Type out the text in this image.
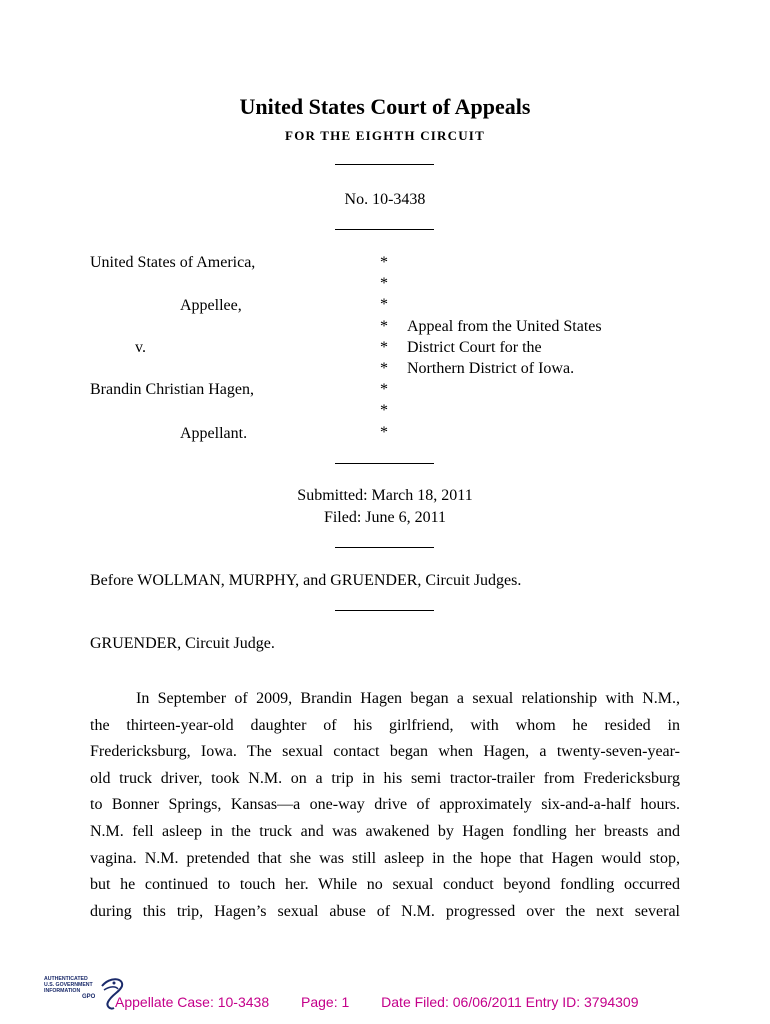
United States Court of Appeals
FOR THE EIGHTH CIRCUIT
No. 10-3438
United States of America,
Appellee,
v.
Brandin Christian Hagen,
Appellant.
*
*
*
*
*
*
*
*
*
Appeal from the United States
District Court for the
Northern District of Iowa.
Submitted: March 18, 2011
Filed: June 6, 2011
Before WOLLMAN, MURPHY, and GRUENDER, Circuit Judges.
GRUENDER, Circuit Judge.
In September of 2009, Brandin Hagen began a sexual relationship with N.M.,
the thirteen-year-old daughter of his girlfriend, with whom he resided in
Fredericksburg, Iowa. The sexual contact began when Hagen, a twenty-seven-year-
old truck driver, took N.M. on a trip in his semi tractor-trailer from Fredericksburg
to Bonner Springs, Kansas—a one-way drive of approximately six-and-a-half hours.
N.M. fell asleep in the truck and was awakened by Hagen fondling her breasts and
vagina. N.M. pretended that she was still asleep in the hope that Hagen would stop,
but he continued to touch her. While no sexual conduct beyond fondling occurred
during this trip, Hagen’s sexual abuse of N.M. progressed over the next several
AUTHENTICATED
U.S. GOVERNMENT
INFORMATION
GPO Appellate Case: 10-3438 Page: 1 Date Filed: 06/06/2011 Entry ID: 3794309
